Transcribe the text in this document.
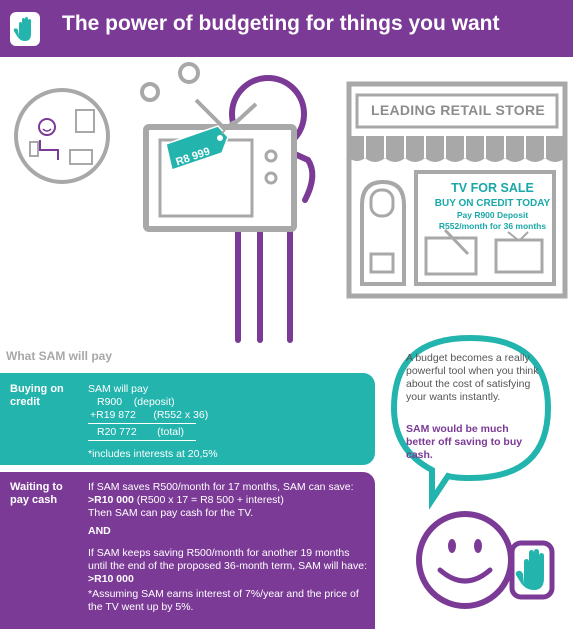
The power of budgeting for things you want
R8 999
LEADING RETAIL STORE
TV FOR SALE
BUY ON CREDIT TODAY
Pay R900 Deposit
R552/month for 36 months
What SAM will pay
Buying on credit
SAM will pay
R900    (deposit)
+R19 872      (R552 x 36)
R20 772       (total)
*includes interests at 20,5%
Waiting to pay cash
If SAM saves R500/month for 17 months, SAM can save: >R10 000 (R500 x 17 = R8 500 + interest)
Then SAM can pay cash for the TV.
AND
If SAM keeps saving R500/month for another 19 months until the end of the proposed 36-month term, SAM will have: >R10 000
*Assuming SAM earns interest of 7%/year and the price of the TV went up by 5%.
A budget becomes a really powerful tool when you think about the cost of satisfying your wants instantly.
SAM would be much better off saving to buy cash.
